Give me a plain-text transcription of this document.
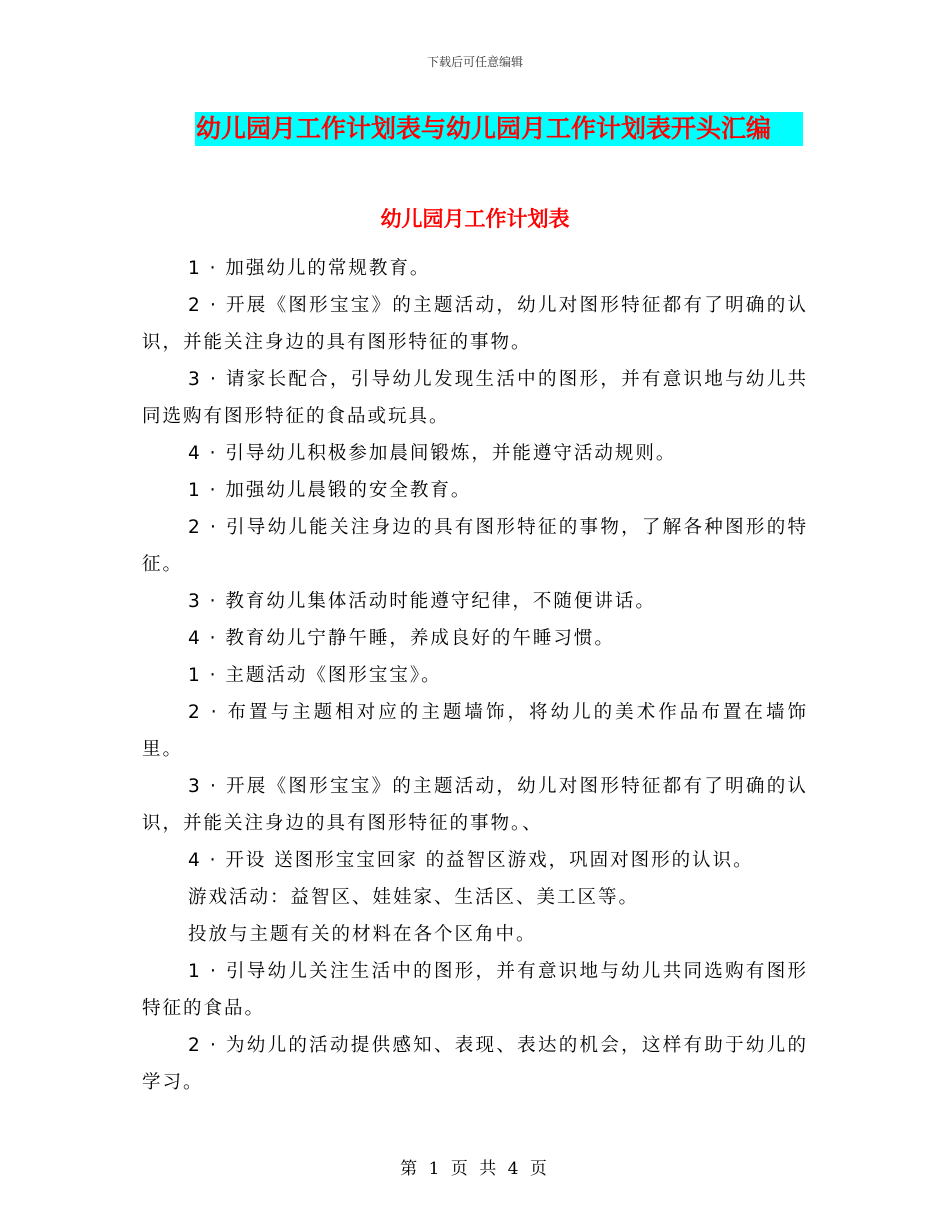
下载后可任意编辑
幼儿园月工作计划表与幼儿园月工作计划表开头汇编
幼儿园月工作计划表

1 · 加强幼儿的常规教育。

2 · 开展《图形宝宝》的主题活动，幼儿对图形特征都有了明确的认识，并能关注身边的具有图形特征的事物。

3 · 请家长配合，引导幼儿发现生活中的图形，并有意识地与幼儿共同选购有图形特征的食品或玩具。

4 · 引导幼儿积极参加晨间锻炼，并能遵守活动规则。

1 · 加强幼儿晨锻的安全教育。

2 · 引导幼儿能关注身边的具有图形特征的事物，了解各种图形的特征。

3 · 教育幼儿集体活动时能遵守纪律，不随便讲话。

4 · 教育幼儿宁静午睡，养成良好的午睡习惯。

1 · 主题活动《图形宝宝》。

2 · 布置与主题相对应的主题墙饰，将幼儿的美术作品布置在墙饰里。

3 · 开展《图形宝宝》的主题活动，幼儿对图形特征都有了明确的认识，并能关注身边的具有图形特征的事物。、

4 · 开设 送图形宝宝回家 的益智区游戏，巩固对图形的认识。

游戏活动：益智区、娃娃家、生活区、美工区等。

投放与主题有关的材料在各个区角中。

1 · 引导幼儿关注生活中的图形，并有意识地与幼儿共同选购有图形特征的食品。

2 · 为幼儿的活动提供感知、表现、表达的机会，这样有助于幼儿的学习。

第 1 页 共 4 页
